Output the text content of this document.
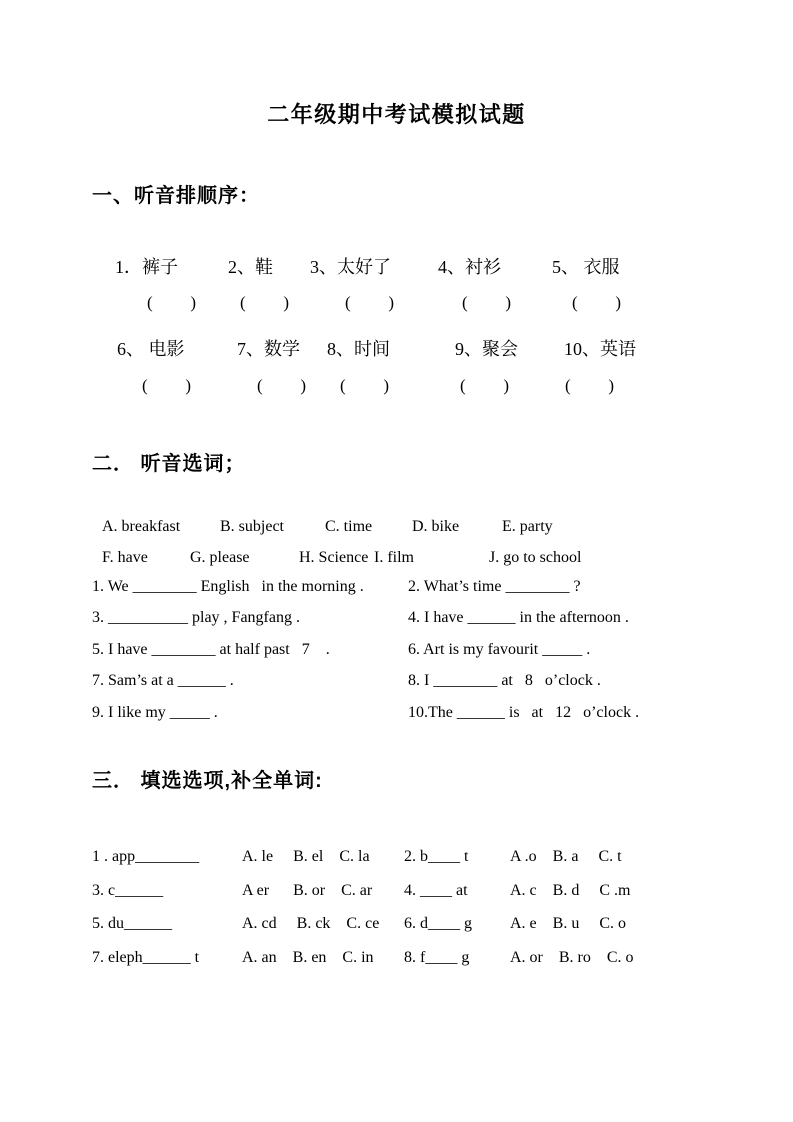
二年级期中考试模拟试题
一、听音排顺序：
1．裤子	2、鞋 3、太好了	4、衬衫	5、 衣服
(       )	(       )	(       )	(       )	(       )
6、 电影	7、数学 8、时间	9、聚会	10、英语
(       )	(       ) (       )	(       )	(       )
二． 听音选词；
A. breakfast B. subject	C. time D. bike	E. party
F. have	G. please	H. Science I. film	J. go to school
1. We ________ English   in the morning .	2. What’s time ________ ?
3. __________ play , Fangfang .	4. I have ______ in the afternoon .
5. I have ________ at half past   7    .	6. Art is my favourit _____ .
7. Sam’s at a ______ .	8. I ________ at   8   o’clock .
9. I like my _____ .	10.The ______ is   at   12   o’clock .
三． 填选选项,补全单词:
1 . app________	A. le     B. el    C. la	2. b____ t	A .o    B. a     C. t
3. c______	A er      B. or    C. ar	4. ____ at	A. c    B. d     C .m
5. du______	A. cd     B. ck    C. ce	6. d____ g	A. e    B. u     C. o
7. eleph______ t	A. an    B. en    C. in	8. f____ g	A. or    B. ro    C. o
